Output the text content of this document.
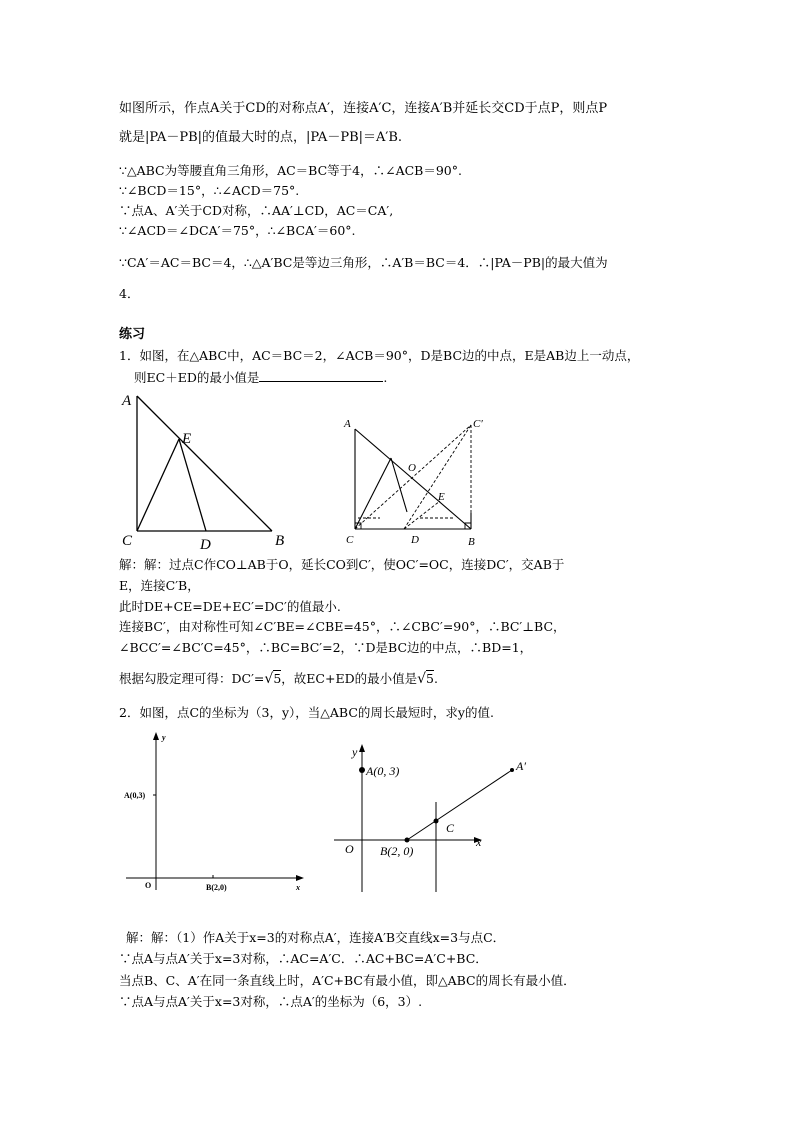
如图所示，作点A关于CD的对称点A′，连接A′C，连接A′B并延长交CD于点P，则点P
就是|PA－PB|的值最大时的点，|PA－PB|＝A′B.
∵△ABC为等腰直角三角形，AC＝BC等于4，∴∠ACB＝90°.
∵∠BCD＝15°，∴∠ACD＝75°.
∵点A、A′关于CD对称，∴AA′⊥CD，AC＝CA′,
∵∠ACD＝∠DCA′＝75°，∴∠BCA′＝60°.
∵CA′＝AC＝BC＝4，∴△A′BC是等边三角形，∴A′B＝BC＝4．∴|PA－PB|的最大值为
4．
练习
1．如图，在△ABC中，AC＝BC＝2，∠ACB＝90°，D是BC边的中点，E是AB边上一动点，
则EC＋ED的最小值是	.
A
E
C	D	B
A	C′
O
E
C	D	B
解：解：过点C作CO⊥AB于O，延长CO到C′，使OC′=OC，连接DC′，交AB于
E，连接C′B，
此时DE+CE=DE+EC′=DC′的值最小.
连接BC′，由对称性可知∠C′BE=∠CBE=45°，∴∠CBC′=90°，∴BC′⊥BC，
∠BCC′=∠BC′C=45°，∴BC=BC′=2，∵D是BC边的中点，∴BD=1，
根据勾股定理可得：DC′=√5，故EC+ED的最小值是√5.
2．如图，点C的坐标为（3，y），当△ABC的周长最短时，求y的值.
y
x
A(0,3)
B(2,0)
O
y
x
A(0, 3)	A′
C
B(2, 0)
O
解：解：（1）作A关于x=3的对称点A′，连接A′B交直线x=3与点C．
∵点A与点A′关于x=3对称，∴AC=A′C．∴AC+BC=A′C+BC．
当点B、C、A′在同一条直线上时，A′C+BC有最小值，即△ABC的周长有最小值．
∵点A与点A′关于x=3对称，∴点A′的坐标为（6，3）.
